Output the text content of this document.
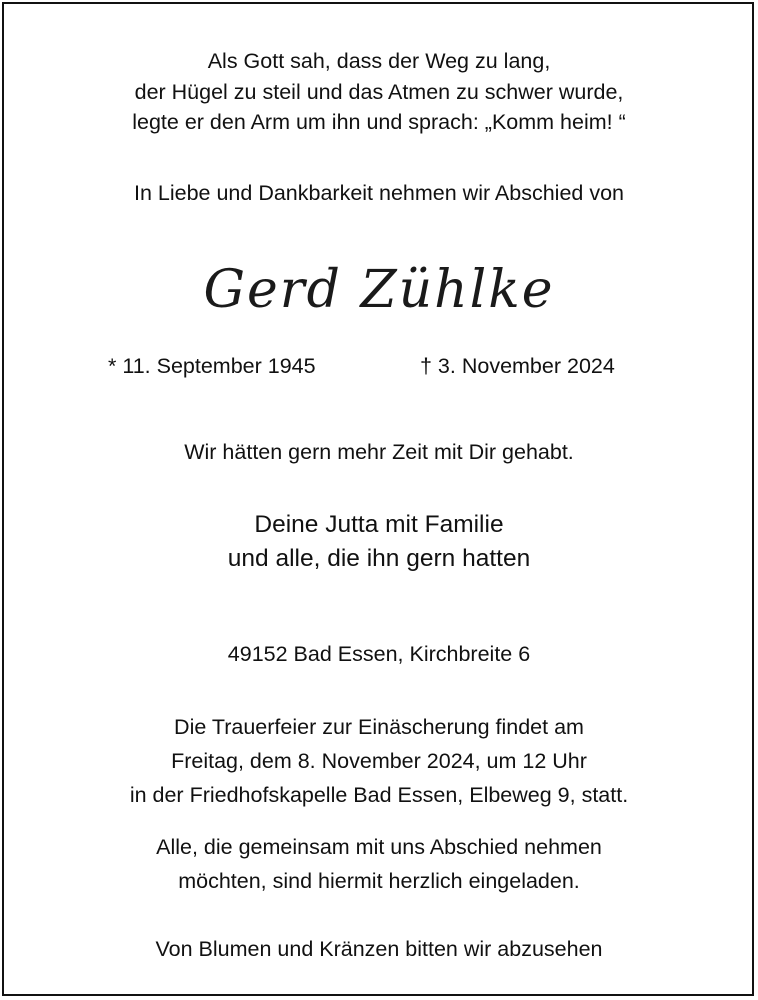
Als Gott sah, dass der Weg zu lang,
der Hügel zu steil und das Atmen zu schwer wurde,
legte er den Arm um ihn und sprach: „Komm heim! “
In Liebe und Dankbarkeit nehmen wir Abschied von
Gerd Zühlke
* 11. September 1945	† 3. November 2024
Wir hätten gern mehr Zeit mit Dir gehabt.
Deine Jutta mit Familie
und alle, die ihn gern hatten
49152 Bad Essen, Kirchbreite 6
Die Trauerfeier zur Einäscherung findet am
Freitag, dem 8. November 2024, um 12 Uhr
in der Friedhofskapelle Bad Essen, Elbeweg 9, statt.
Alle, die gemeinsam mit uns Abschied nehmen
möchten, sind hiermit herzlich eingeladen.
Von Blumen und Kränzen bitten wir abzusehen
